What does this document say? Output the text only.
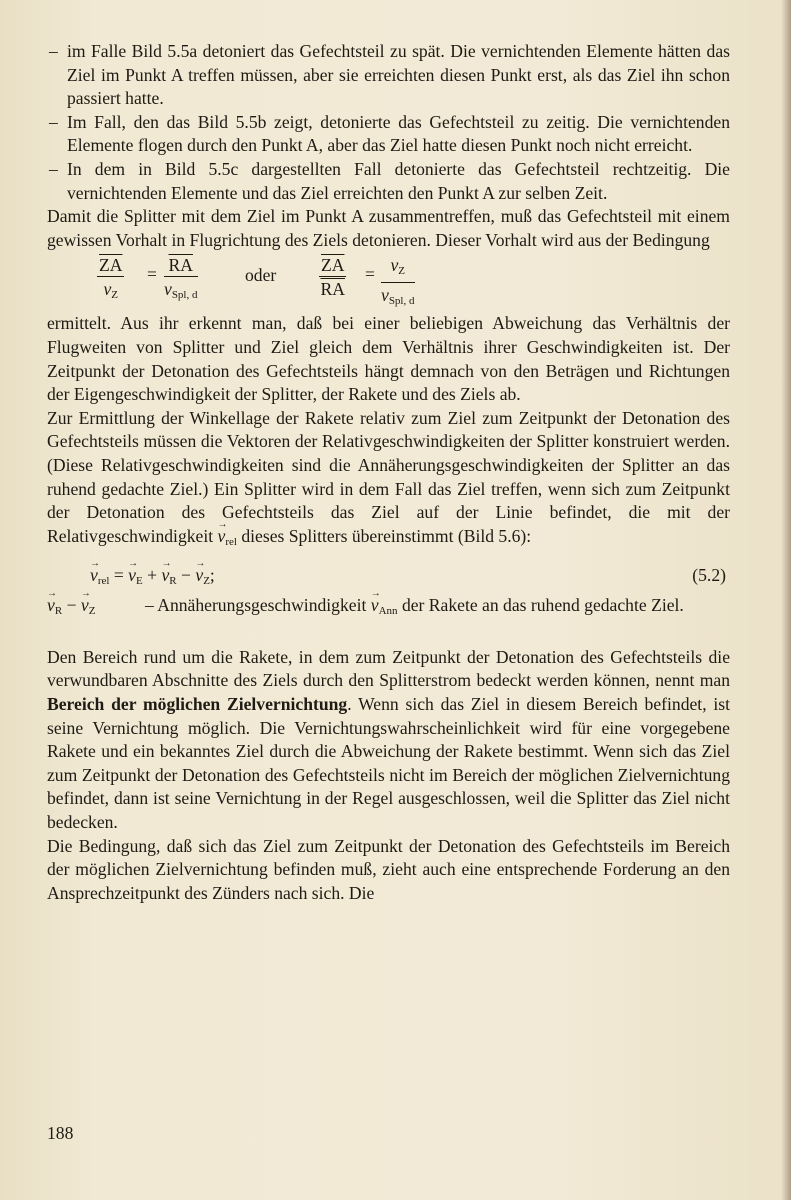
– im Falle Bild 5.5a detoniert das Gefechtsteil zu spät. Die vernichtenden Elemente hätten das Ziel im Punkt A treffen müssen, aber sie erreichten diesen Punkt erst, als das Ziel ihn schon passiert hatte.

– Im Fall, den das Bild 5.5b zeigt, detonierte das Gefechtsteil zu zeitig. Die vernichtenden Elemente flogen durch den Punkt A, aber das Ziel hatte diesen Punkt noch nicht erreicht.

– In dem in Bild 5.5c dargestellten Fall detonierte das Gefechtsteil rechtzeitig. Die vernichtenden Elemente und das Ziel erreichten den Punkt A zur selben Zeit.

Damit die Splitter mit dem Ziel im Punkt A zusammentreffen, muß das Gefechtsteil mit einem gewissen Vorhalt in Flugrichtung des Ziels detonieren. Dieser Vorhalt wird aus der Bedingung

$\frac{\overline{ZA}}{v_Z} = \overline{RA}$
$v_{Spl, d}$
oder $\frac{\overline{ZA}}{RA} = v_Z$
$v_{Spl, d}$

ermittelt. Aus ihr erkennt man, daß bei einer beliebigen Abweichung das Verhältnis der Flugweiten von Splitter und Ziel gleich dem Verhältnis ihrer Geschwindigkeiten ist. Der Zeitpunkt der Detonation des Gefechtsteils hängt demnach von den Beträgen und Richtungen der Eigengeschwindigkeit der Splitter, der Rakete und des Ziels ab.

Zur Ermittlung der Winkellage der Rakete relativ zum Ziel zum Zeitpunkt der Detonation des Gefechtsteils müssen die Vektoren der Relativgeschwindigkeiten der Splitter konstruiert werden. (Diese Relativgeschwindigkeiten sind die Annäherungsgeschwindigkeiten der Splitter an das ruhend gedachte Ziel.) Ein Splitter wird in dem Fall das Ziel treffen, wenn sich zum Zeitpunkt der Detonation des Gefechtsteils das Ziel auf der Linie befindet, die mit der Relativgeschwindigkeit → $v_{rel}$ dieses Splitters übereinstimmt (Bild 5.6):

→ $v_{rel}$ = → $v_E$ + → $v_R$ − → $v_Z$;	(5.2)

→ $v_R$ − → $v_Z$	– Annäherungsgeschwindigkeit → $v_{Ann}$ der Rakete an das ruhend gedachte Ziel.

Den Bereich rund um die Rakete, in dem zum Zeitpunkt der Detonation des Gefechtsteils die verwundbaren Abschnitte des Ziels durch den Splitterstrom bedeckt werden können, nennt man Bereich der möglichen Zielvernichtung. Wenn sich das Ziel in diesem Bereich befindet, ist seine Vernichtung möglich. Die Vernichtungswahrscheinlichkeit wird für eine vorgegebene Rakete und ein bekanntes Ziel durch die Abweichung der Rakete bestimmt. Wenn sich das Ziel zum Zeitpunkt der Detonation des Gefechtsteils nicht im Bereich der möglichen Zielvernichtung befindet, dann ist seine Vernichtung in der Regel ausgeschlossen, weil die Splitter das Ziel nicht bedecken.

Die Bedingung, daß sich das Ziel zum Zeitpunkt der Detonation des Gefechtsteils im Bereich der möglichen Zielvernichtung befinden muß, zieht auch eine entsprechende Forderung an den Ansprechzeitpunkt des Zünders nach sich. Die

188
